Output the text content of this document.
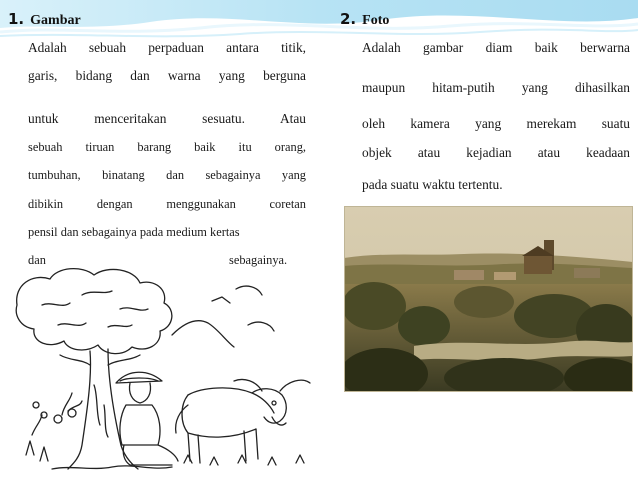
1. Gambar	2. Foto
Adalah sebuah perpaduan antara titik,
garis, bidang dan warna yang berguna
untuk menceritakan sesuatu. Atau
sebuah tiruan barang baik itu orang,
tumbuhan, binatang dan sebagainya yang
dibikin dengan menggunakan coretan
pensil dan sebagainya pada medium kertas
dan	sebagainya.
Adalah gambar diam baik berwarna
maupun hitam-putih yang dihasilkan
oleh kamera yang merekam suatu
objek atau kejadian atau keadaan
pada suatu waktu tertentu.
